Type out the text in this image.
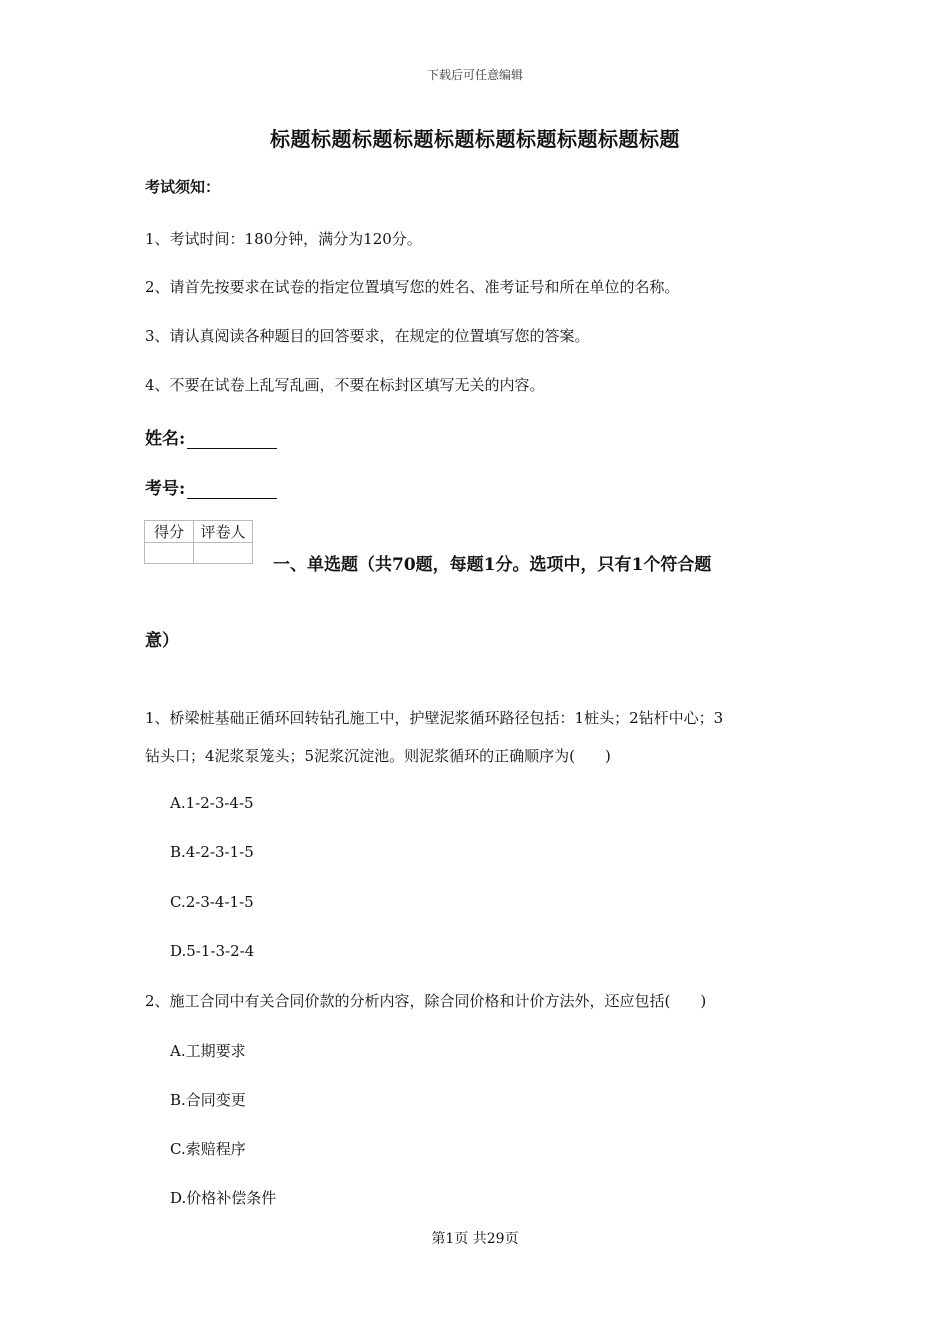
下载后可任意编辑
标题标题标题标题标题标题标题标题标题标题
考试须知：
1、考试时间：180分钟，满分为120分。
2、请首先按要求在试卷的指定位置填写您的姓名、准考证号和所在单位的名称。
3、请认真阅读各种题目的回答要求，在规定的位置填写您的答案。
4、不要在试卷上乱写乱画，不要在标封区填写无关的内容。
姓名:
考号:
得分	评卷人

一、单选题（共70题，每题1分。选项中，只有1个符合题
意）
1、桥梁桩基础正循环回转钻孔施工中，护壁泥浆循环路径包括：1桩头；2钻杆中心；3
钻头口；4泥浆泵笼头；5泥浆沉淀池。则泥浆循环的正确顺序为(　　)
A.1-2-3-4-5
B.4-2-3-1-5
C.2-3-4-1-5
D.5-1-3-2-4
2、施工合同中有关合同价款的分析内容，除合同价格和计价方法外，还应包括(　　)
A.工期要求
B.合同变更
C.索赔程序
D.价格补偿条件
第1页 共29页
